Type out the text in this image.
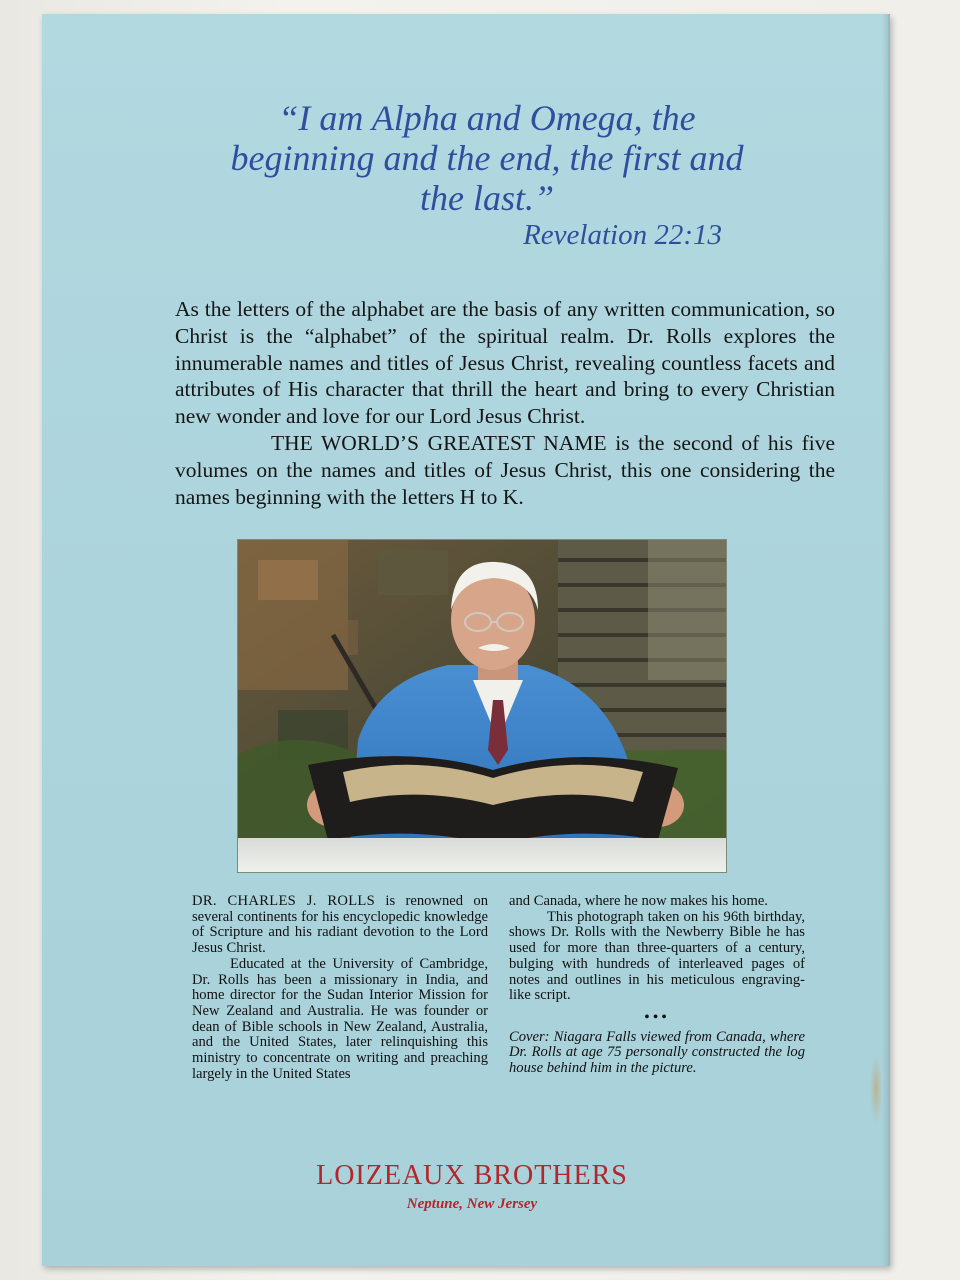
“I am Alpha and Omega, the beginning and the end, the first and the last.”

Revelation 22:13

As the letters of the alphabet are the basis of any written communication, so Christ is the “alphabet” of the spiritual realm. Dr. Rolls explores the innumerable names and titles of Jesus Christ, revealing countless facets and attributes of His character that thrill the heart and bring to every Christian new wonder and love for our Lord Jesus Christ.

THE WORLD’S GREATEST NAME is the second of his five volumes on the names and titles of Jesus Christ, this one considering the names beginning with the letters H to K.

DR. CHARLES J. ROLLS is renowned on several continents for his encyclopedic knowledge of Scripture and his radiant devotion to the Lord Jesus Christ.

Educated at the University of Cambridge, Dr. Rolls has been a missionary in India, and home director for the Sudan Interior Mission for New Zealand and Australia. He was founder or dean of Bible schools in New Zealand, Australia, and the United States, later relinquishing this ministry to concentrate on writing and preaching largely in the United States

and Canada, where he now makes his home.

This photograph taken on his 96th birthday, shows Dr. Rolls with the Newberry Bible he has used for more than three-quarters of a century, bulging with hundreds of interleaved pages of notes and outlines in his meticulous engraving-like script.

•••

Cover: Niagara Falls viewed from Canada, where Dr. Rolls at age 75 personally constructed the log house behind him in the picture.

LOIZEAUX BROTHERS

Neptune, New Jersey
